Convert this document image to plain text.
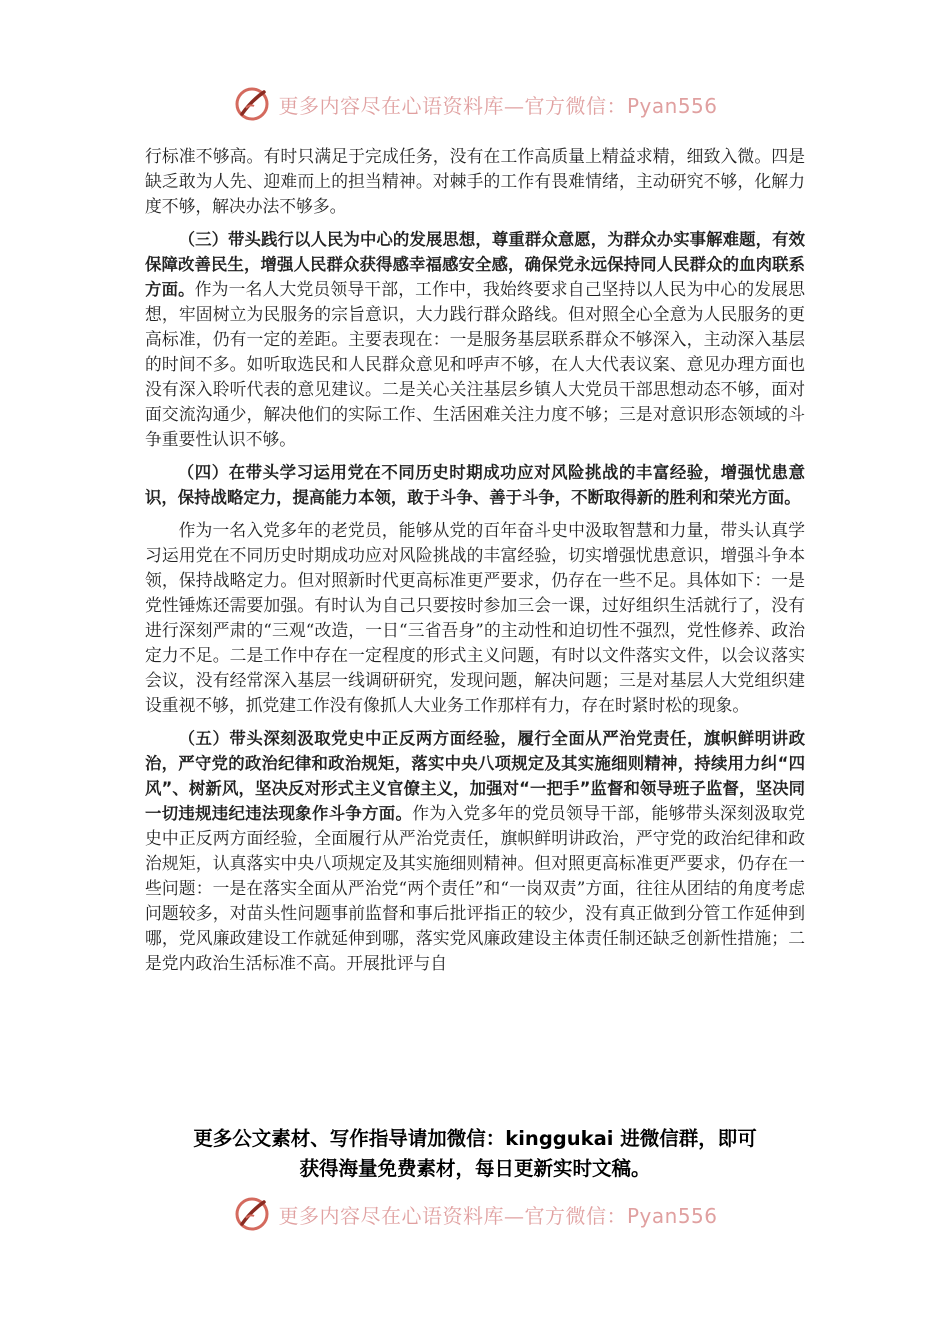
更多内容尽在心语资料库—官方微信：Pyan556

行标准不够高。有时只满足于完成任务，没有在工作高质量上精益求精，细致入微。四是缺乏敢为人先、迎难而上的担当精神。对棘手的工作有畏难情绪，主动研究不够，化解力度不够，解决办法不够多。

（三）带头践行以人民为中心的发展思想，尊重群众意愿，为群众办实事解难题，有效保障改善民生，增强人民群众获得感幸福感安全感，确保党永远保持同人民群众的血肉联系方面。作为一名人大党员领导干部，工作中，我始终要求自己坚持以人民为中心的发展思想，牢固树立为民服务的宗旨意识，大力践行群众路线。但对照全心全意为人民服务的更高标准，仍有一定的差距。主要表现在：一是服务基层联系群众不够深入，主动深入基层的时间不多。如听取选民和人民群众意见和呼声不够，在人大代表议案、意见办理方面也没有深入聆听代表的意见建议。二是关心关注基层乡镇人大党员干部思想动态不够，面对面交流沟通少，解决他们的实际工作、生活困难关注力度不够；三是对意识形态领域的斗争重要性认识不够。

（四）在带头学习运用党在不同历史时期成功应对风险挑战的丰富经验，增强忧患意识，保持战略定力，提高能力本领，敢于斗争、善于斗争，不断取得新的胜利和荣光方面。

作为一名入党多年的老党员，能够从党的百年奋斗史中汲取智慧和力量，带头认真学习运用党在不同历史时期成功应对风险挑战的丰富经验，切实增强忧患意识，增强斗争本领，保持战略定力。但对照新时代更高标准更严要求，仍存在一些不足。具体如下：一是党性锤炼还需要加强。有时认为自己只要按时参加三会一课，过好组织生活就行了，没有进行深刻严肃的“三观“改造，一日“三省吾身”的主动性和迫切性不强烈，党性修养、政治定力不足。二是工作中存在一定程度的形式主义问题，有时以文件落实文件，以会议落实会议，没有经常深入基层一线调研研究，发现问题，解决问题；三是对基层人大党组织建设重视不够，抓党建工作没有像抓人大业务工作那样有力，存在时紧时松的现象。

（五）带头深刻汲取党史中正反两方面经验，履行全面从严治党责任，旗帜鲜明讲政治，严守党的政治纪律和政治规矩，落实中央八项规定及其实施细则精神，持续用力纠“四风”、树新风，坚决反对形式主义官僚主义，加强对“一把手”监督和领导班子监督，坚决同一切违规违纪违法现象作斗争方面。作为入党多年的党员领导干部，能够带头深刻汲取党史中正反两方面经验，全面履行从严治党责任，旗帜鲜明讲政治，严守党的政治纪律和政治规矩，认真落实中央八项规定及其实施细则精神。但对照更高标准更严要求，仍存在一些问题：一是在落实全面从严治党“两个责任”和“一岗双责”方面，往往从团结的角度考虑问题较多，对苗头性问题事前监督和事后批评指正的较少，没有真正做到分管工作延伸到哪，党风廉政建设工作就延伸到哪，落实党风廉政建设主体责任制还缺乏创新性措施；二是党内政治生活标准不高。开展批评与自

更多公文素材、写作指导请加微信：kinggukai 进微信群，即可
获得海量免费素材，每日更新实时文稿。
更多内容尽在心语资料库—官方微信：Pyan556
